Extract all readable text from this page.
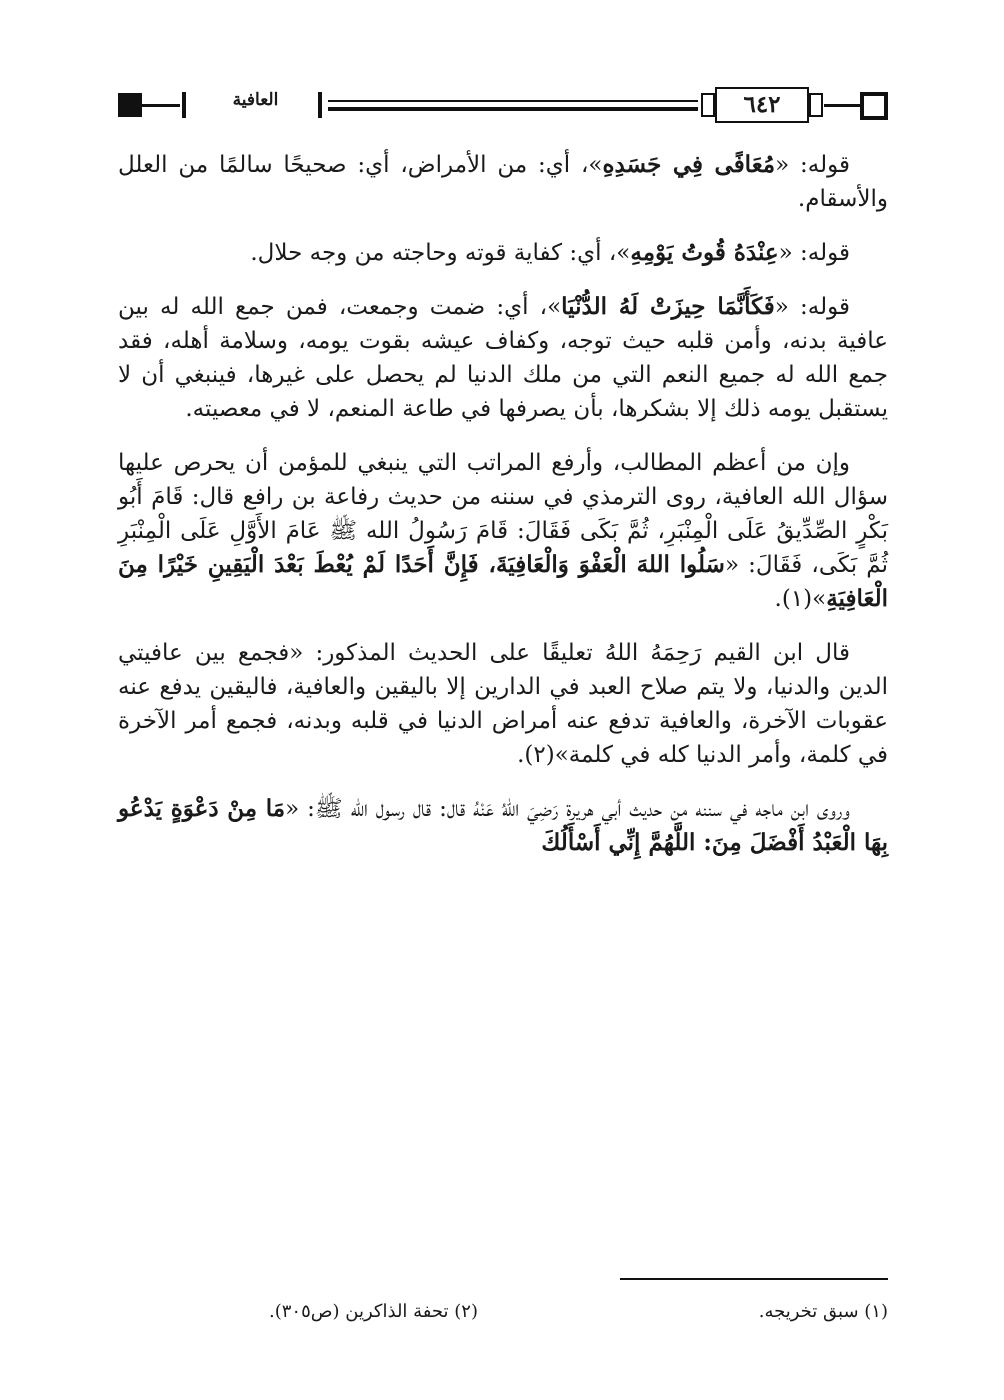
العافية	٦٤٢

قوله: «مُعَافًى فِي جَسَدِهِ»، أي: من الأمراض، أي: صحيحًا سالمًا من العلل والأسقام.

قوله: «عِنْدَهُ قُوتُ يَوْمِهِ»، أي: كفاية قوته وحاجته من وجه حلال.

قوله: «فَكَأَنَّمَا حِيزَتْ لَهُ الدُّنْيَا»، أي: ضمت وجمعت، فمن جمع الله له بين عافية بدنه، وأمن قلبه حيث توجه، وكفاف عيشه بقوت يومه، وسلامة أهله، فقد جمع الله له جميع النعم التي من ملك الدنيا لم يحصل على غيرها، فينبغي أن لا يستقبل يومه ذلك إلا بشكرها، بأن يصرفها في طاعة المنعم، لا في معصيته.

وإن من أعظم المطالب، وأرفع المراتب التي ينبغي للمؤمن أن يحرص عليها سؤال الله العافية، روى الترمذي في سننه من حديث رفاعة بن رافع قال: قَامَ أَبُو بَكْرٍ الصِّدِّيقُ عَلَى الْمِنْبَرِ، ثُمَّ بَكَى فَقَالَ: قَامَ رَسُولُ الله ﷺ عَامَ الأَوَّلِ عَلَى الْمِنْبَرِ ثُمَّ بَكَى، فَقَالَ: «سَلُوا اللهَ الْعَفْوَ وَالْعَافِيَةَ، فَإِنَّ أَحَدًا لَمْ يُعْطَ بَعْدَ الْيَقِينِ خَيْرًا مِنَ الْعَافِيَةِ»(١).

قال ابن القيم رَحِمَهُ اللهُ تعليقًا على الحديث المذكور: «فجمع بين عافيتي الدين والدنيا، ولا يتم صلاح العبد في الدارين إلا باليقين والعافية، فاليقين يدفع عنه عقوبات الآخرة، والعافية تدفع عنه أمراض الدنيا في قلبه وبدنه، فجمع أمر الآخرة في كلمة، وأمر الدنيا كله في كلمة»(٢).

وروى ابن ماجه في سننه من حديث أبي هريرة رَضِيَ اللهُ عَنْهُ قال: قال رسول الله ﷺ: «مَا مِنْ دَعْوَةٍ يَدْعُو بِهَا الْعَبْدُ أَفْضَلَ مِنَ: اللَّهُمَّ إِنِّي أَسْأَلُكَ

(١) سبق تخريجه.
(٢) تحفة الذاكرين (ص٣٠٥).
